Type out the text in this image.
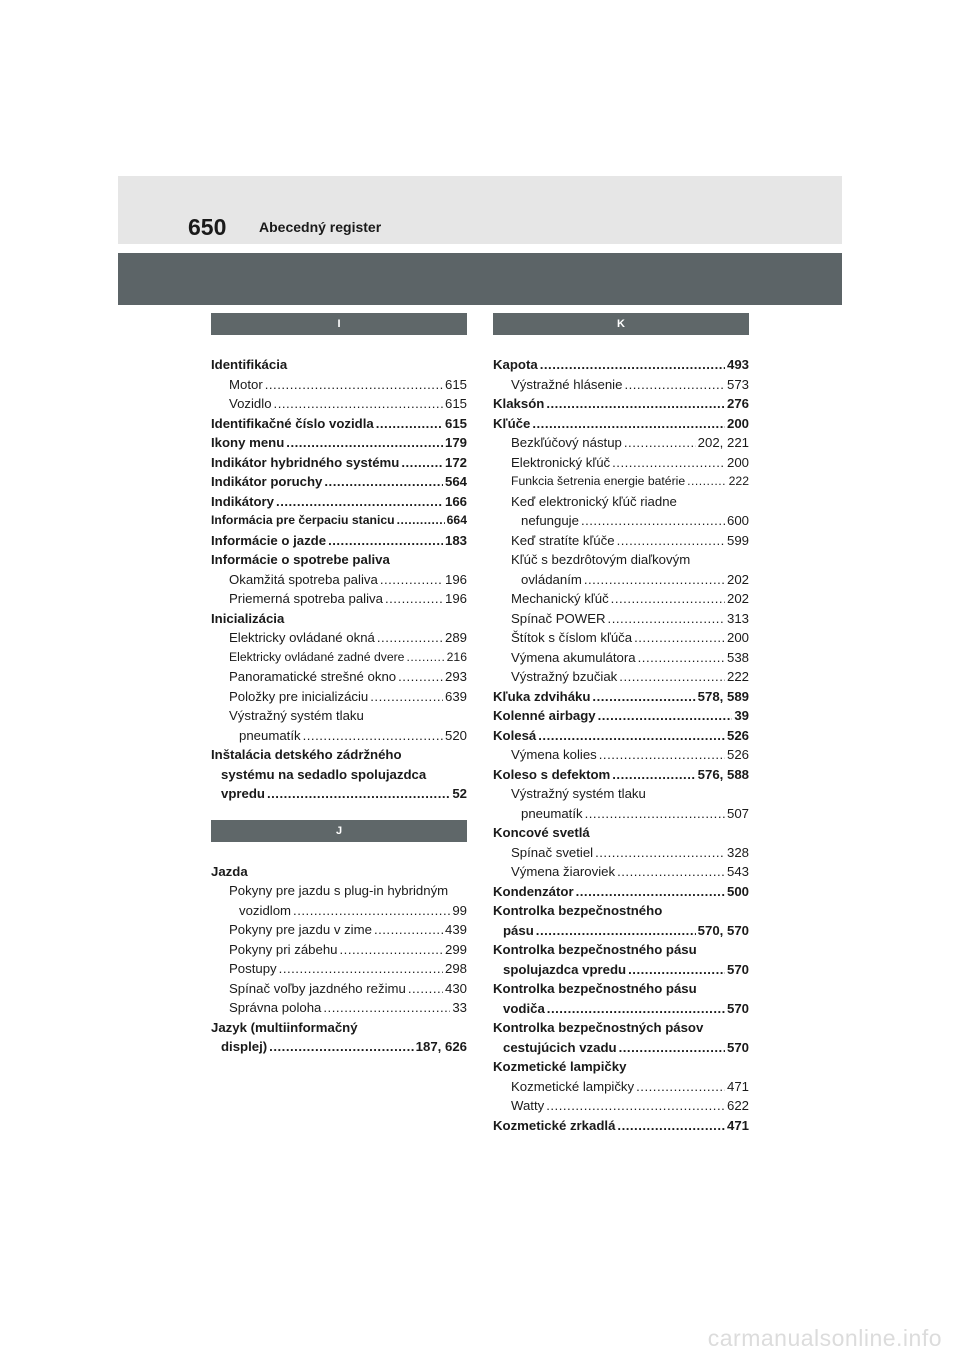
650 Abecedný register
I
Identifikácia
Motor .....	615
Vozidlo .....	615
Identifikačné číslo vozidla .....	615
Ikony menu .....	179
Indikátor hybridného systému .....	172
Indikátor poruchy .....	564
Indikátory .....	166
Informácia pre čerpaciu stanicu .....	664
Informácie o jazde .....	183
Informácie o spotrebe paliva
Okamžitá spotreba paliva .....	196
Priemerná spotreba paliva .....	196
Inicializácia
Elektricky ovládané okná .....	289
Elektricky ovládané zadné dvere .....	216
Panoramatické strešné okno .....	293
Položky pre inicializáciu .....	639
Výstražný systém tlaku
pneumatík .....	520
Inštalácia detského zádržného
systému na sedadlo spolujazdca
vpredu .....	52
J
Jazda
Pokyny pre jazdu s plug-in hybridným
vozidlom .....	99
Pokyny pre jazdu v zime .....	439
Pokyny pri zábehu .....	299
Postupy .....	298
Spínač voľby jazdného režimu .....	430
Správna poloha .....	33
Jazyk (multiinformačný
displej) .....	187, 626
K
Kapota .....	493
Výstražné hlásenie .....	573
Klaksón .....	276
Kľúče .....	200
Bezkľúčový nástup .....	202, 221
Elektronický kľúč .....	200
Funkcia šetrenia energie batérie .....	222
Keď elektronický kľúč riadne
nefunguje .....	600
Keď stratíte kľúče .....	599
Kľúč s bezdrôtovým diaľkovým
ovládaním .....	202
Mechanický kľúč .....	202
Spínač POWER .....	313
Štítok s číslom kľúča .....	200
Výmena akumulátora .....	538
Výstražný bzučiak .....	222
Kľuka zdviháku .....	578, 589
Kolenné airbagy .....	39
Kolesá .....	526
Výmena kolies .....	526
Koleso s defektom .....	576, 588
Výstražný systém tlaku
pneumatík .....	507
Koncové svetlá
Spínač svetiel .....	328
Výmena žiaroviek .....	543
Kondenzátor .....	500
Kontrolka bezpečnostného
pásu .....	570, 570
Kontrolka bezpečnostného pásu
spolujazdca vpredu .....	570
Kontrolka bezpečnostného pásu
vodiča .....	570
Kontrolka bezpečnostných pásov
cestujúcich vzadu .....	570
Kozmetické lampičky
Kozmetické lampičky .....	471
Watty .....	622
Kozmetické zrkadlá .....	471
carmanualsonline.info
